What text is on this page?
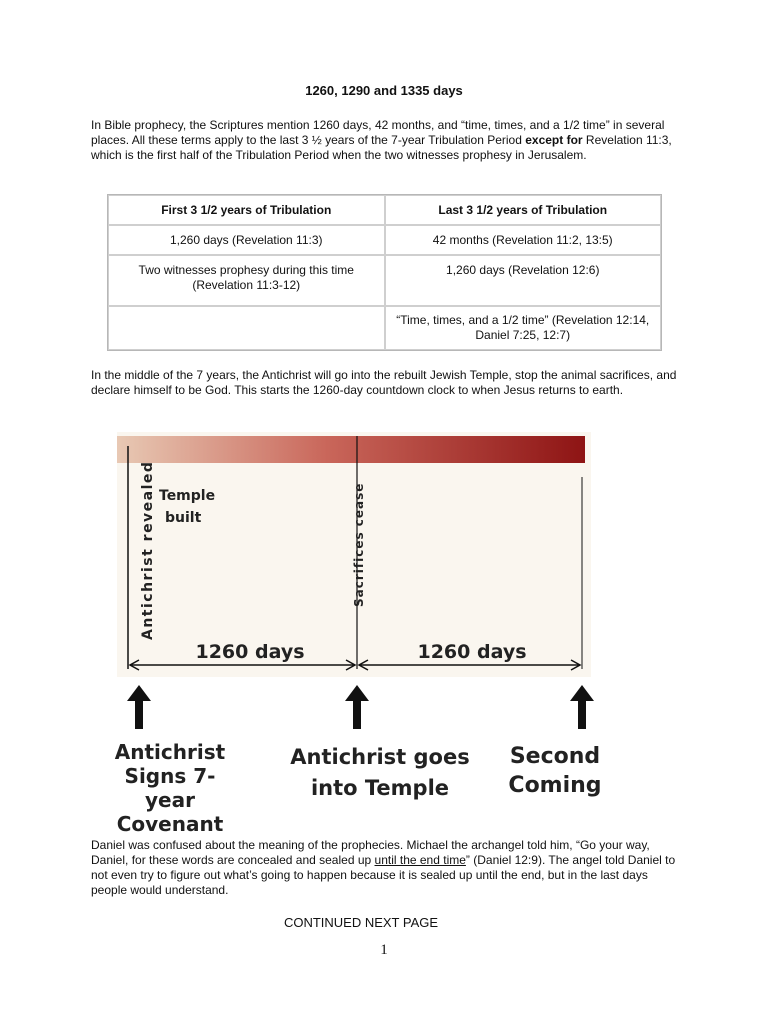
1260, 1290 and 1335 days
In Bible prophecy, the Scriptures mention 1260 days, 42 months, and “time, times, and a 1/2 time” in several places. All these terms apply to the last 3 ½ years of the 7-year Tribulation Period except for Revelation 11:3, which is the first half of the Tribulation Period when the two witnesses prophesy in Jerusalem.
First 3 1/2 years of Tribulation	Last 3 1/2 years of Tribulation
1,260 days (Revelation 11:3)	42 months (Revelation 11:2, 13:5)
Two witnesses prophesy during this time (Revelation 11:3-12)	1,260 days (Revelation 12:6)
	“Time, times, and a 1/2 time” (Revelation 12:14, Daniel 7:25, 12:7)
In the middle of the 7 years, the Antichrist will go into the rebuilt Jewish Temple, stop the animal sacrifices, and declare himself to be God. This starts the 1260-day countdown clock to when Jesus returns to earth.
Antichrist revealed	Sacrifices cease
Temple
built
1260 days	1260 days
Antichrist
Signs 7-year
Covenant
Antichrist goes
into Temple
Second
Coming
Daniel was confused about the meaning of the prophecies. Michael the archangel told him, “Go your way, Daniel, for these words are concealed and sealed up until the end time” (Daniel 12:9). The angel told Daniel to not even try to figure out what’s going to happen because it is sealed up until the end, but in the last days people would understand.
CONTINUED NEXT PAGE
1
